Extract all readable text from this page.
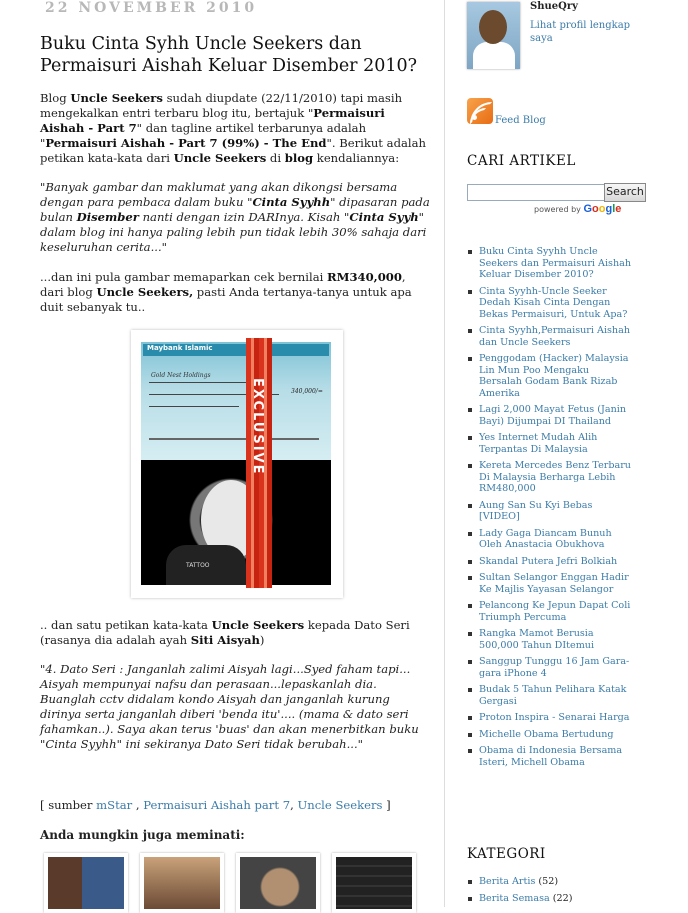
22 NOVEMBER 2010
Buku Cinta Syhh Uncle Seekers dan Permaisuri Aishah Keluar Disember 2010?
Blog Uncle Seekers sudah diupdate (22/11/2010) tapi masih mengekalkan entri terbaru blog itu, bertajuk "Permaisuri Aishah - Part 7" dan tagline artikel terbarunya adalah "Permaisuri Aishah - Part 7 (99%) - The End". Berikut adalah petikan kata-kata dari Uncle Seekers di blog kendaliannya:
"Banyak gambar dan maklumat yang akan dikongsi bersama dengan para pembaca dalam buku "Cinta Syyhh" dipasaran pada bulan Disember nanti dengan izin DARInya. Kisah "Cinta Syyh" dalam blog ini hanya paling lebih pun tidak lebih 30% sahaja dari keseluruhan cerita..."
...dan ini pula gambar memaparkan cek bernilai RM340,000, dari blog Uncle Seekers, pasti Anda tertanya-tanya untuk apa duit sebanyak tu..
Maybank Islamic
Gold Nest Holdings
340,000/=
TATTOO
EXCLUSIVE
.. dan satu petikan kata-kata Uncle Seekers kepada Dato Seri (rasanya dia adalah ayah Siti Aisyah)
"4. Dato Seri : Janganlah zalimi Aisyah lagi...Syed faham tapi... Aisyah mempunyai nafsu dan perasaan...lepaskanlah dia. Buanglah cctv didalam kondo Aisyah dan janganlah kurung dirinya serta janganlah diberi 'benda itu'.... (mama & dato seri fahamkan..). Saya akan terus 'buas' dan akan menerbitkan buku "Cinta Syyhh" ini sekiranya Dato Seri tidak berubah..."
[ sumber mStar , Permaisuri Aishah part 7, Uncle Seekers ]
Anda mungkin juga meminati:
ShueQry
Lihat profil lengkap saya
Feed Blog
CARI ARTIKEL
Search
powered by Google
Buku Cinta Syyhh Uncle Seekers dan Permaisuri Aishah Keluar Disember 2010?
Cinta Syyhh-Uncle Seeker Dedah Kisah Cinta Dengan Bekas Permaisuri, Untuk Apa?
Cinta Syyhh,Permaisuri Aishah dan Uncle Seekers
Penggodam (Hacker) Malaysia Lin Mun Poo Mengaku Bersalah Godam Bank Rizab Amerika
Lagi 2,000 Mayat Fetus (Janin Bayi) Dijumpai DI Thailand
Yes Internet Mudah Alih Terpantas Di Malaysia
Kereta Mercedes Benz Terbaru Di Malaysia Berharga Lebih RM480,000
Aung San Su Kyi Bebas [VIDEO]
Lady Gaga Diancam Bunuh Oleh Anastacia Obukhova
Skandal Putera Jefri Bolkiah
Sultan Selangor Enggan Hadir Ke Majlis Yayasan Selangor
Pelancong Ke Jepun Dapat Coli Triumph Percuma
Rangka Mamot Berusia 500,000 Tahun DItemui
Sanggup Tunggu 16 Jam Gara-gara iPhone 4
Budak 5 Tahun Pelihara Katak Gergasi
Proton Inspira - Senarai Harga
Michelle Obama Bertudung
Obama di Indonesia Bersama Isteri, Michell Obama
KATEGORI
Berita Artis (52)
Berita Semasa (22)
